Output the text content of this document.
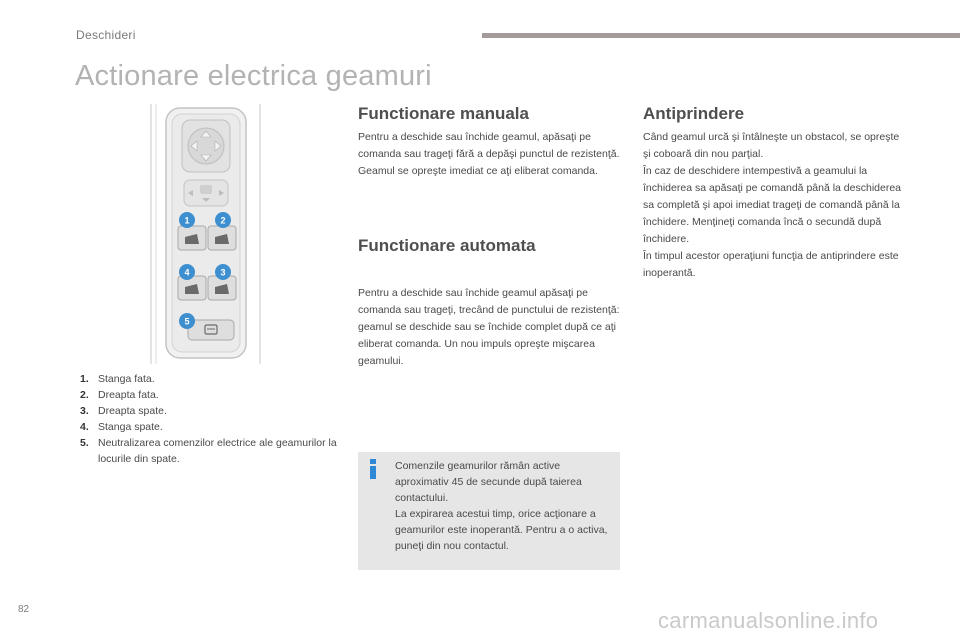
Deschideri
Actionare electrica geamuri
1	2
4	3
5
1. Stanga fata.
2. Dreapta fata.
3. Dreapta spate.
4. Stanga spate.
5. Neutralizarea comenzilor electrice ale geamurilor la locurile din spate.
Functionare manuala
Pentru a deschide sau închide geamul, apăsaţi pe comanda sau trageţi fără a depăşi punctul de rezistenţă. Geamul se opreşte imediat ce aţi eliberat comanda.
Functionare automata
Pentru a deschide sau închide geamul apăsaţi pe comanda sau trageţi, trecând de punctului de rezistenţă: geamul se deschide sau se închide complet după ce aţi eliberat comanda. Un nou impuls opreşte mişcarea geamului.
Comenzile geamurilor rămân active aproximativ 45 de secunde după taierea contactului.
La expirarea acestui timp, orice acţionare a geamurilor este inoperantă. Pentru a o activa, puneţi din nou contactul.
Antiprindere
Când geamul urcă şi întâlneşte un obstacol, se opreşte şi coboară din nou parţial.
În caz de deschidere intempestivă a geamului la închiderea sa apăsaţi pe comandă până la deschiderea sa completă şi apoi imediat trageţi de comandă până la închidere. Menţineţi comanda încă o secundă după închidere.
În timpul acestor operaţiuni funcţia de antiprindere este inoperantă.
82	carmanualsonline.info
